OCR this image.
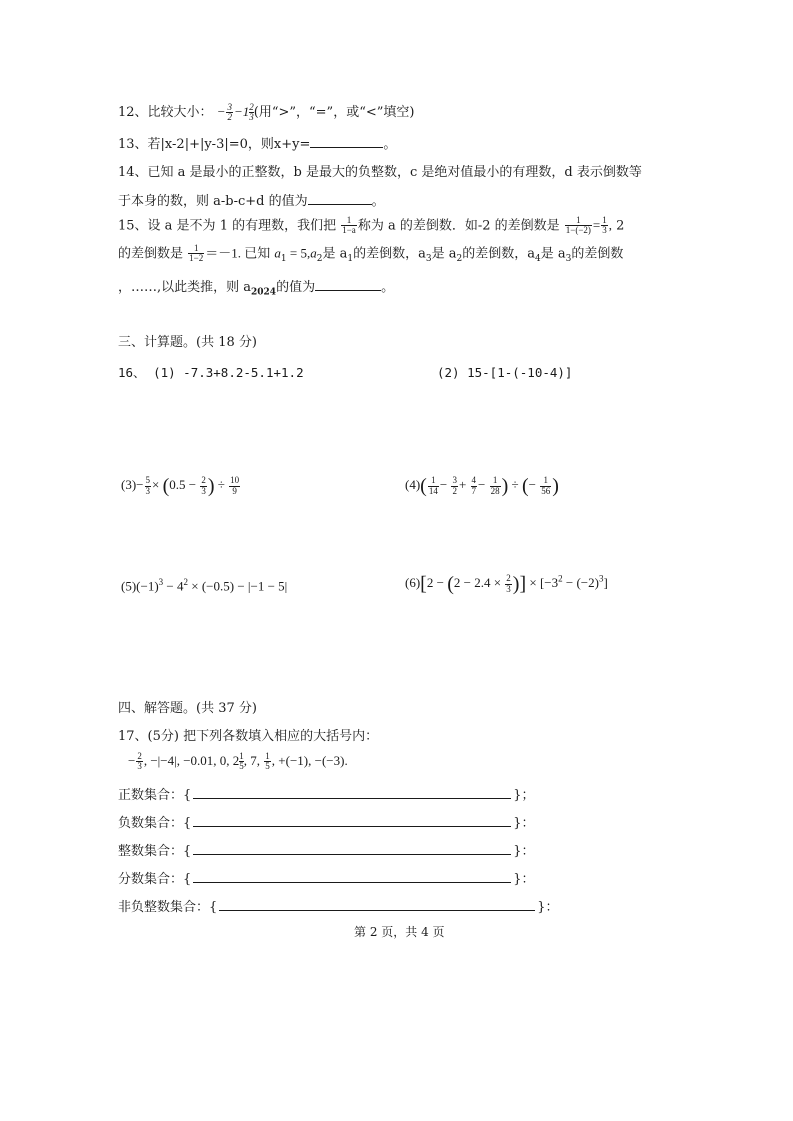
12、比较大小： − $\frac{3}{2} -1 \frac{2}{3}$ (用“>”，“=”，或“<”填空)
13、若|x-2|+|y-3|=0，则x+y=	。
14、已知 a 是最小的正整数，b 是最大的负整数，c 是绝对值最小的有理数，d 表示倒数等
于本身的数，则 a-b-c+d 的值为	。
15、设 a 是不为 1 的有理数，我们把 $\frac{1}{1-a}$ 称为 a 的差倒数．如-2 的差倒数是 $\frac{1}{1-(-2)} = \frac{1}{3}$ , 2
的差倒数是 $\frac{1}{1-2} =-1$. 已知 $a_1 = 5,a_2$是 $a_1$的差倒数，$a_3$是 $a_2$的差倒数，$a_4$是 $a_3$的差倒数
，……,以此类推，则 $a_{2024}$的值为	。
三、计算题。(共 18 分)
16、 (1) -7.3+8.2-5.1+1.2	(2) 15-[1-(-10-4)]
$(3)- \frac{5}{3} \times (0.5 - \frac{2}{3}$ ) ÷ $\frac{10}{9}$	$(4)( \frac{1}{14} - \frac{3}{2} + \frac{4}{7} - \frac{1}{28}$ ) ÷ (− $\frac{1}{56}$ )
$(5)(-1)^3 - 4^2 \times (-0.5) - |-1 - 5|$	$(6)[2 - (2 - 2.4 \times \frac{2}{3}$ )] × $[-3^2 - (-2)^3]$
四、解答题。(共 37 分)
17、(5分) 把下列各数填入相应的大括号内：
− $\frac{2}{3}$ , −|−4|, −0.01, 0, $2 \frac{1}{5}$ , 7, $\frac{1}{5}$ , +(−1), −(−3).
正数集合：{	}；
负数集合：{	}：
整数集合：{	}：
分数集合：{	}：
非负整数集合：{	}：
第 2 页，共 4 页
